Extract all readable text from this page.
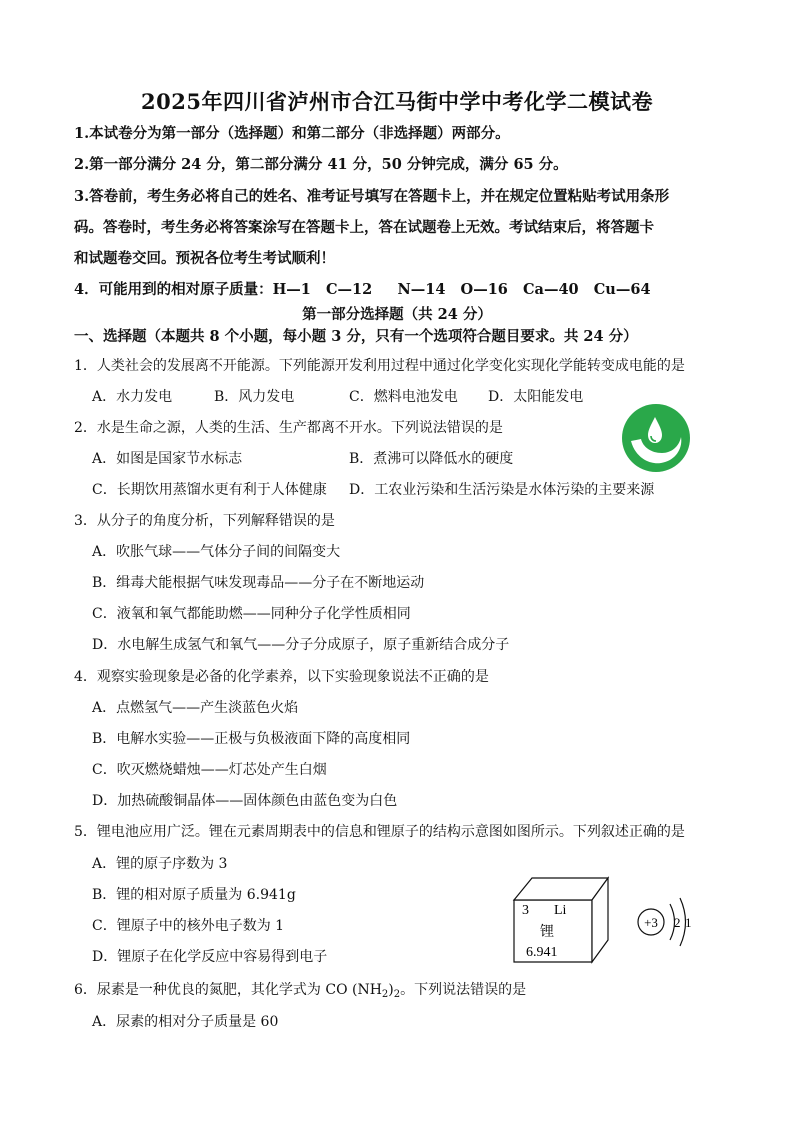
2025年四川省泸州市合江马街中学中考化学二模试卷
1.本试卷分为第一部分（选择题）和第二部分（非选择题）两部分。
2.第一部分满分 24 分，第二部分满分 41 分，50 分钟完成，满分 65 分。
3.答卷前，考生务必将自己的姓名、准考证号填写在答题卡上，并在规定位置粘贴考试用条形
码。答卷时，考生务必将答案涂写在答题卡上，答在试题卷上无效。考试结束后，将答题卡
和试题卷交回。预祝各位考生考试顺利！
4．可能用到的相对原子质量：H—1   C—12     N—14   O—16   Ca—40   Cu—64
第一部分选择题（共 24 分）
一、选择题（本题共 8 个小题，每小题 3 分，只有一个选项符合题目要求。共 24 分）
1．人类社会的发展离不开能源。下列能源开发利用过程中通过化学变化实现化学能转变成电能的是
A．水力发电	B．风力发电	C．燃料电池发电 D．太阳能发电
2．水是生命之源，人类的生活、生产都离不开水。下列说法错误的是
A．如图是国家节水标志	B．煮沸可以降低水的硬度
C．长期饮用蒸馏水更有利于人体健康 D．工农业污染和生活污染是水体污染的主要来源
3．从分子的角度分析，下列解释错误的是
A．吹胀气球——气体分子间的间隔变大
B．缉毒犬能根据气味发现毒品——分子在不断地运动
C．液氧和氧气都能助燃——同种分子化学性质相同
D．水电解生成氢气和氧气——分子分成原子，原子重新结合成分子
4．观察实验现象是必备的化学素养，以下实验现象说法不正确的是
A．点燃氢气——产生淡蓝色火焰
B．电解水实验——正极与负极液面下降的高度相同
C．吹灭燃烧蜡烛——灯芯处产生白烟
D．加热硫酸铜晶体——固体颜色由蓝色变为白色
5．锂电池应用广泛。锂在元素周期表中的信息和锂原子的结构示意图如图所示。下列叙述正确的是
A．锂的原子序数为 3
B．锂的相对原子质量为 6.941g
C．锂原子中的核外电子数为 1
D．锂原子在化学反应中容易得到电子
3 Li
锂
6.941
+3 2 1
6．尿素是一种优良的氮肥，其化学式为 CO $(NH_2)_2$。下列说法错误的是
A．尿素的相对分子质量是 60
